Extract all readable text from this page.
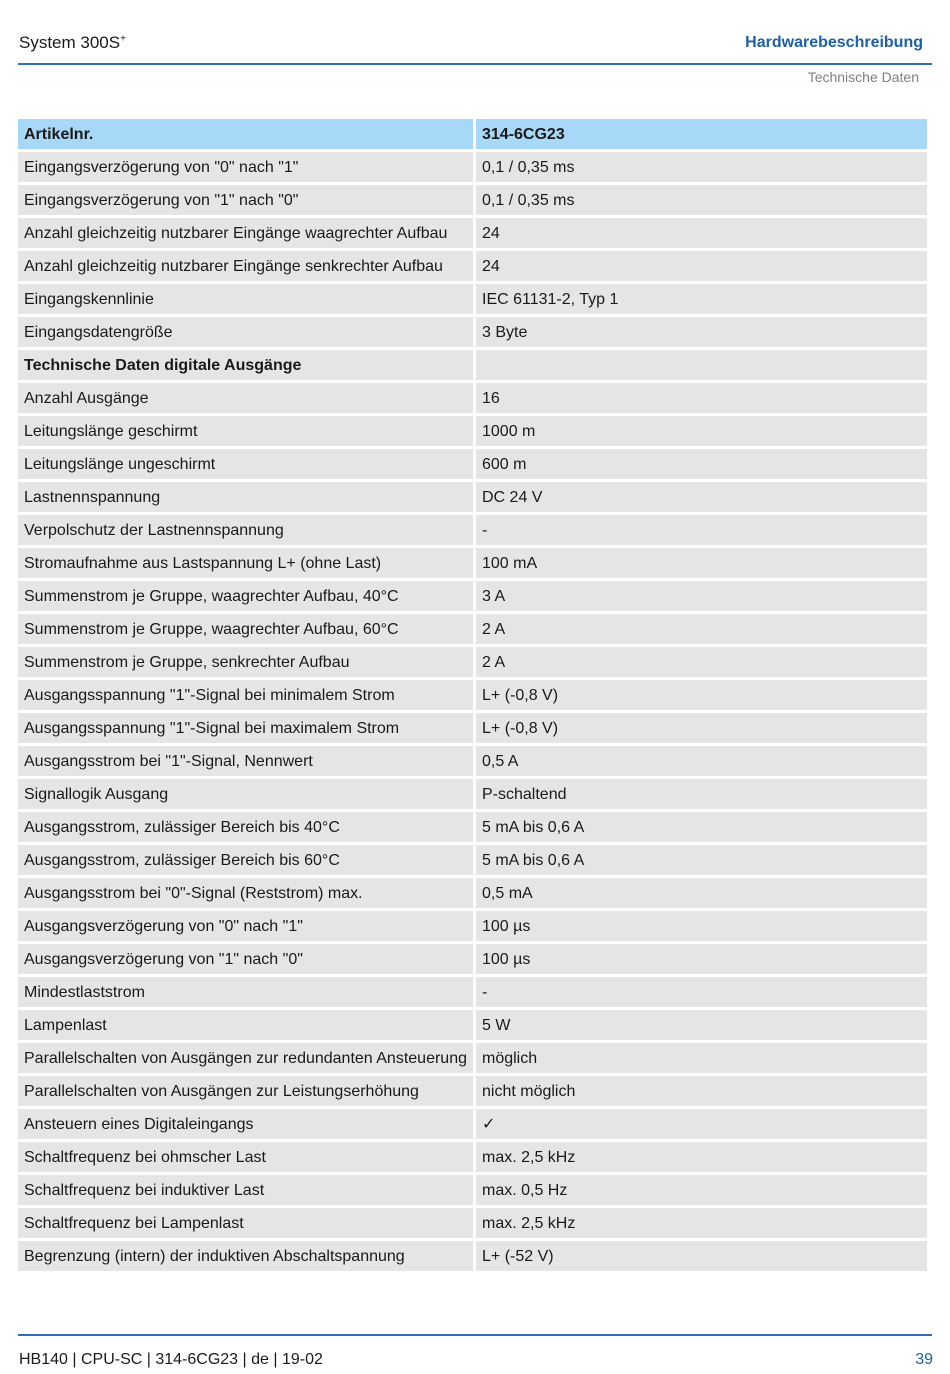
System 300S+	Hardwarebeschreibung
Technische Daten
Artikelnr.	314-6CG23
Eingangsverzögerung von "0" nach "1"	0,1 / 0,35 ms
Eingangsverzögerung von "1" nach "0"	0,1 / 0,35 ms
Anzahl gleichzeitig nutzbarer Eingänge waagrechter Aufbau	24
Anzahl gleichzeitig nutzbarer Eingänge senkrechter Aufbau	24
Eingangskennlinie	IEC 61131-2, Typ 1
Eingangsdatengröße	3 Byte
Technische Daten digitale Ausgänge	
Anzahl Ausgänge	16
Leitungslänge geschirmt	1000 m
Leitungslänge ungeschirmt	600 m
Lastnennspannung	DC 24 V
Verpolschutz der Lastnennspannung	-
Stromaufnahme aus Lastspannung L+ (ohne Last)	100 mA
Summenstrom je Gruppe, waagrechter Aufbau, 40°C	3 A
Summenstrom je Gruppe, waagrechter Aufbau, 60°C	2 A
Summenstrom je Gruppe, senkrechter Aufbau	2 A
Ausgangsspannung "1"-Signal bei minimalem Strom	L+ (-0,8 V)
Ausgangsspannung "1"-Signal bei maximalem Strom	L+ (-0,8 V)
Ausgangsstrom bei "1"-Signal, Nennwert	0,5 A
Signallogik Ausgang	P-schaltend
Ausgangsstrom, zulässiger Bereich bis 40°C	5 mA bis 0,6 A
Ausgangsstrom, zulässiger Bereich bis 60°C	5 mA bis 0,6 A
Ausgangsstrom bei "0"-Signal (Reststrom) max.	0,5 mA
Ausgangsverzögerung von "0" nach "1"	100 µs
Ausgangsverzögerung von "1" nach "0"	100 µs
Mindestlaststrom	-
Lampenlast	5 W
Parallelschalten von Ausgängen zur redundanten Ansteuerung	möglich
Parallelschalten von Ausgängen zur Leistungserhöhung	nicht möglich
Ansteuern eines Digitaleingangs	✓
Schaltfrequenz bei ohmscher Last	max. 2,5 kHz
Schaltfrequenz bei induktiver Last	max. 0,5 Hz
Schaltfrequenz bei Lampenlast	max. 2,5 kHz
Begrenzung (intern) der induktiven Abschaltspannung	L+ (-52 V)
HB140 | CPU-SC | 314-6CG23 | de | 19-02	39
